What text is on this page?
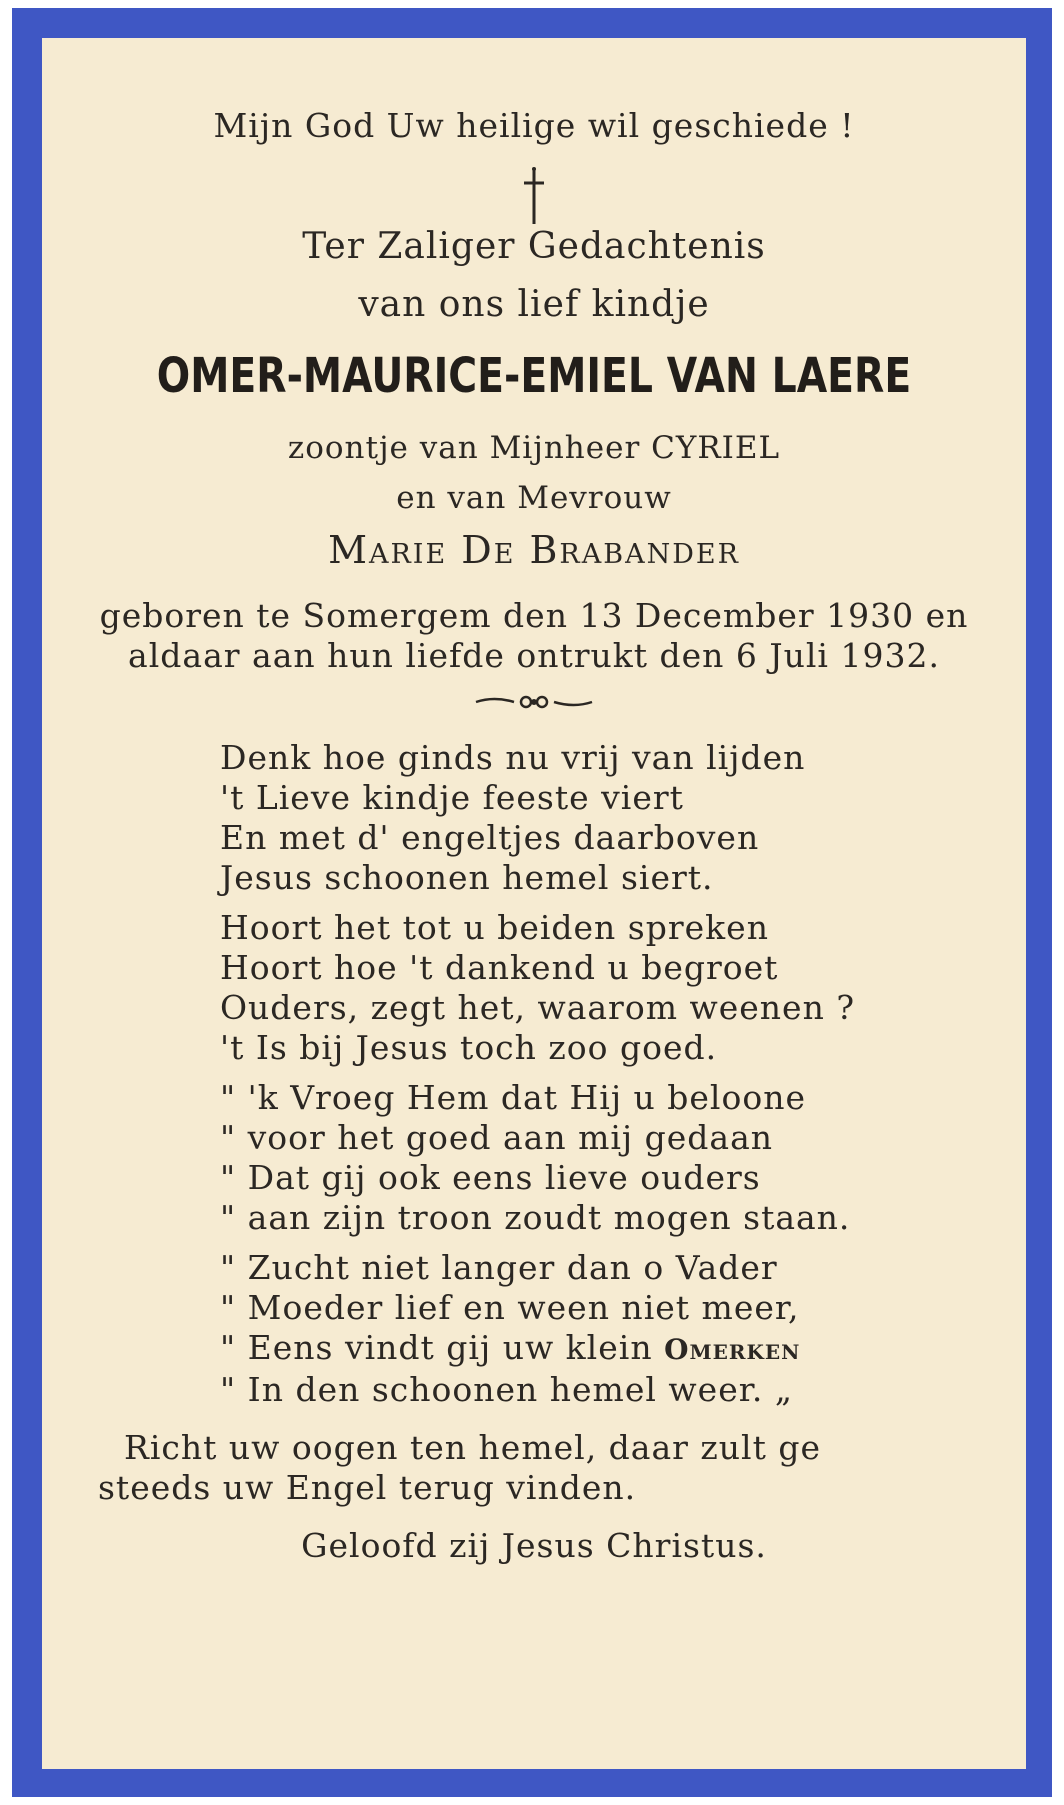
Mijn God Uw heilige wil geschiede !
Ter Zaliger Gedachtenis
van ons lief kindje
OMER-MAURICE-EMIEL VAN LAERE
zoontje van Mijnheer CYRIEL
en van Mevrouw
Marie De Brabander
geboren te Somergem den 13 December 1930 en
aldaar aan hun liefde ontrukt den 6 Juli 1932.
Denk hoe ginds nu vrij van lijden
't Lieve kindje feeste viert
En met d' engeltjes daarboven
Jesus schoonen hemel siert.
Hoort het tot u beiden spreken
Hoort hoe 't dankend u begroet
Ouders, zegt het, waarom weenen ?
't Is bij Jesus toch zoo goed.
" 'k Vroeg Hem dat Hij u beloone
" voor het goed aan mij gedaan
" Dat gij ook eens lieve ouders
" aan zijn troon zoudt mogen staan.
" Zucht niet langer dan o Vader
" Moeder lief en ween niet meer,
" Eens vindt gij uw klein Omerken
" In den schoonen hemel weer. „
Richt uw oogen ten hemel, daar zult ge
steeds uw Engel terug vinden.
Geloofd zij Jesus Christus.
